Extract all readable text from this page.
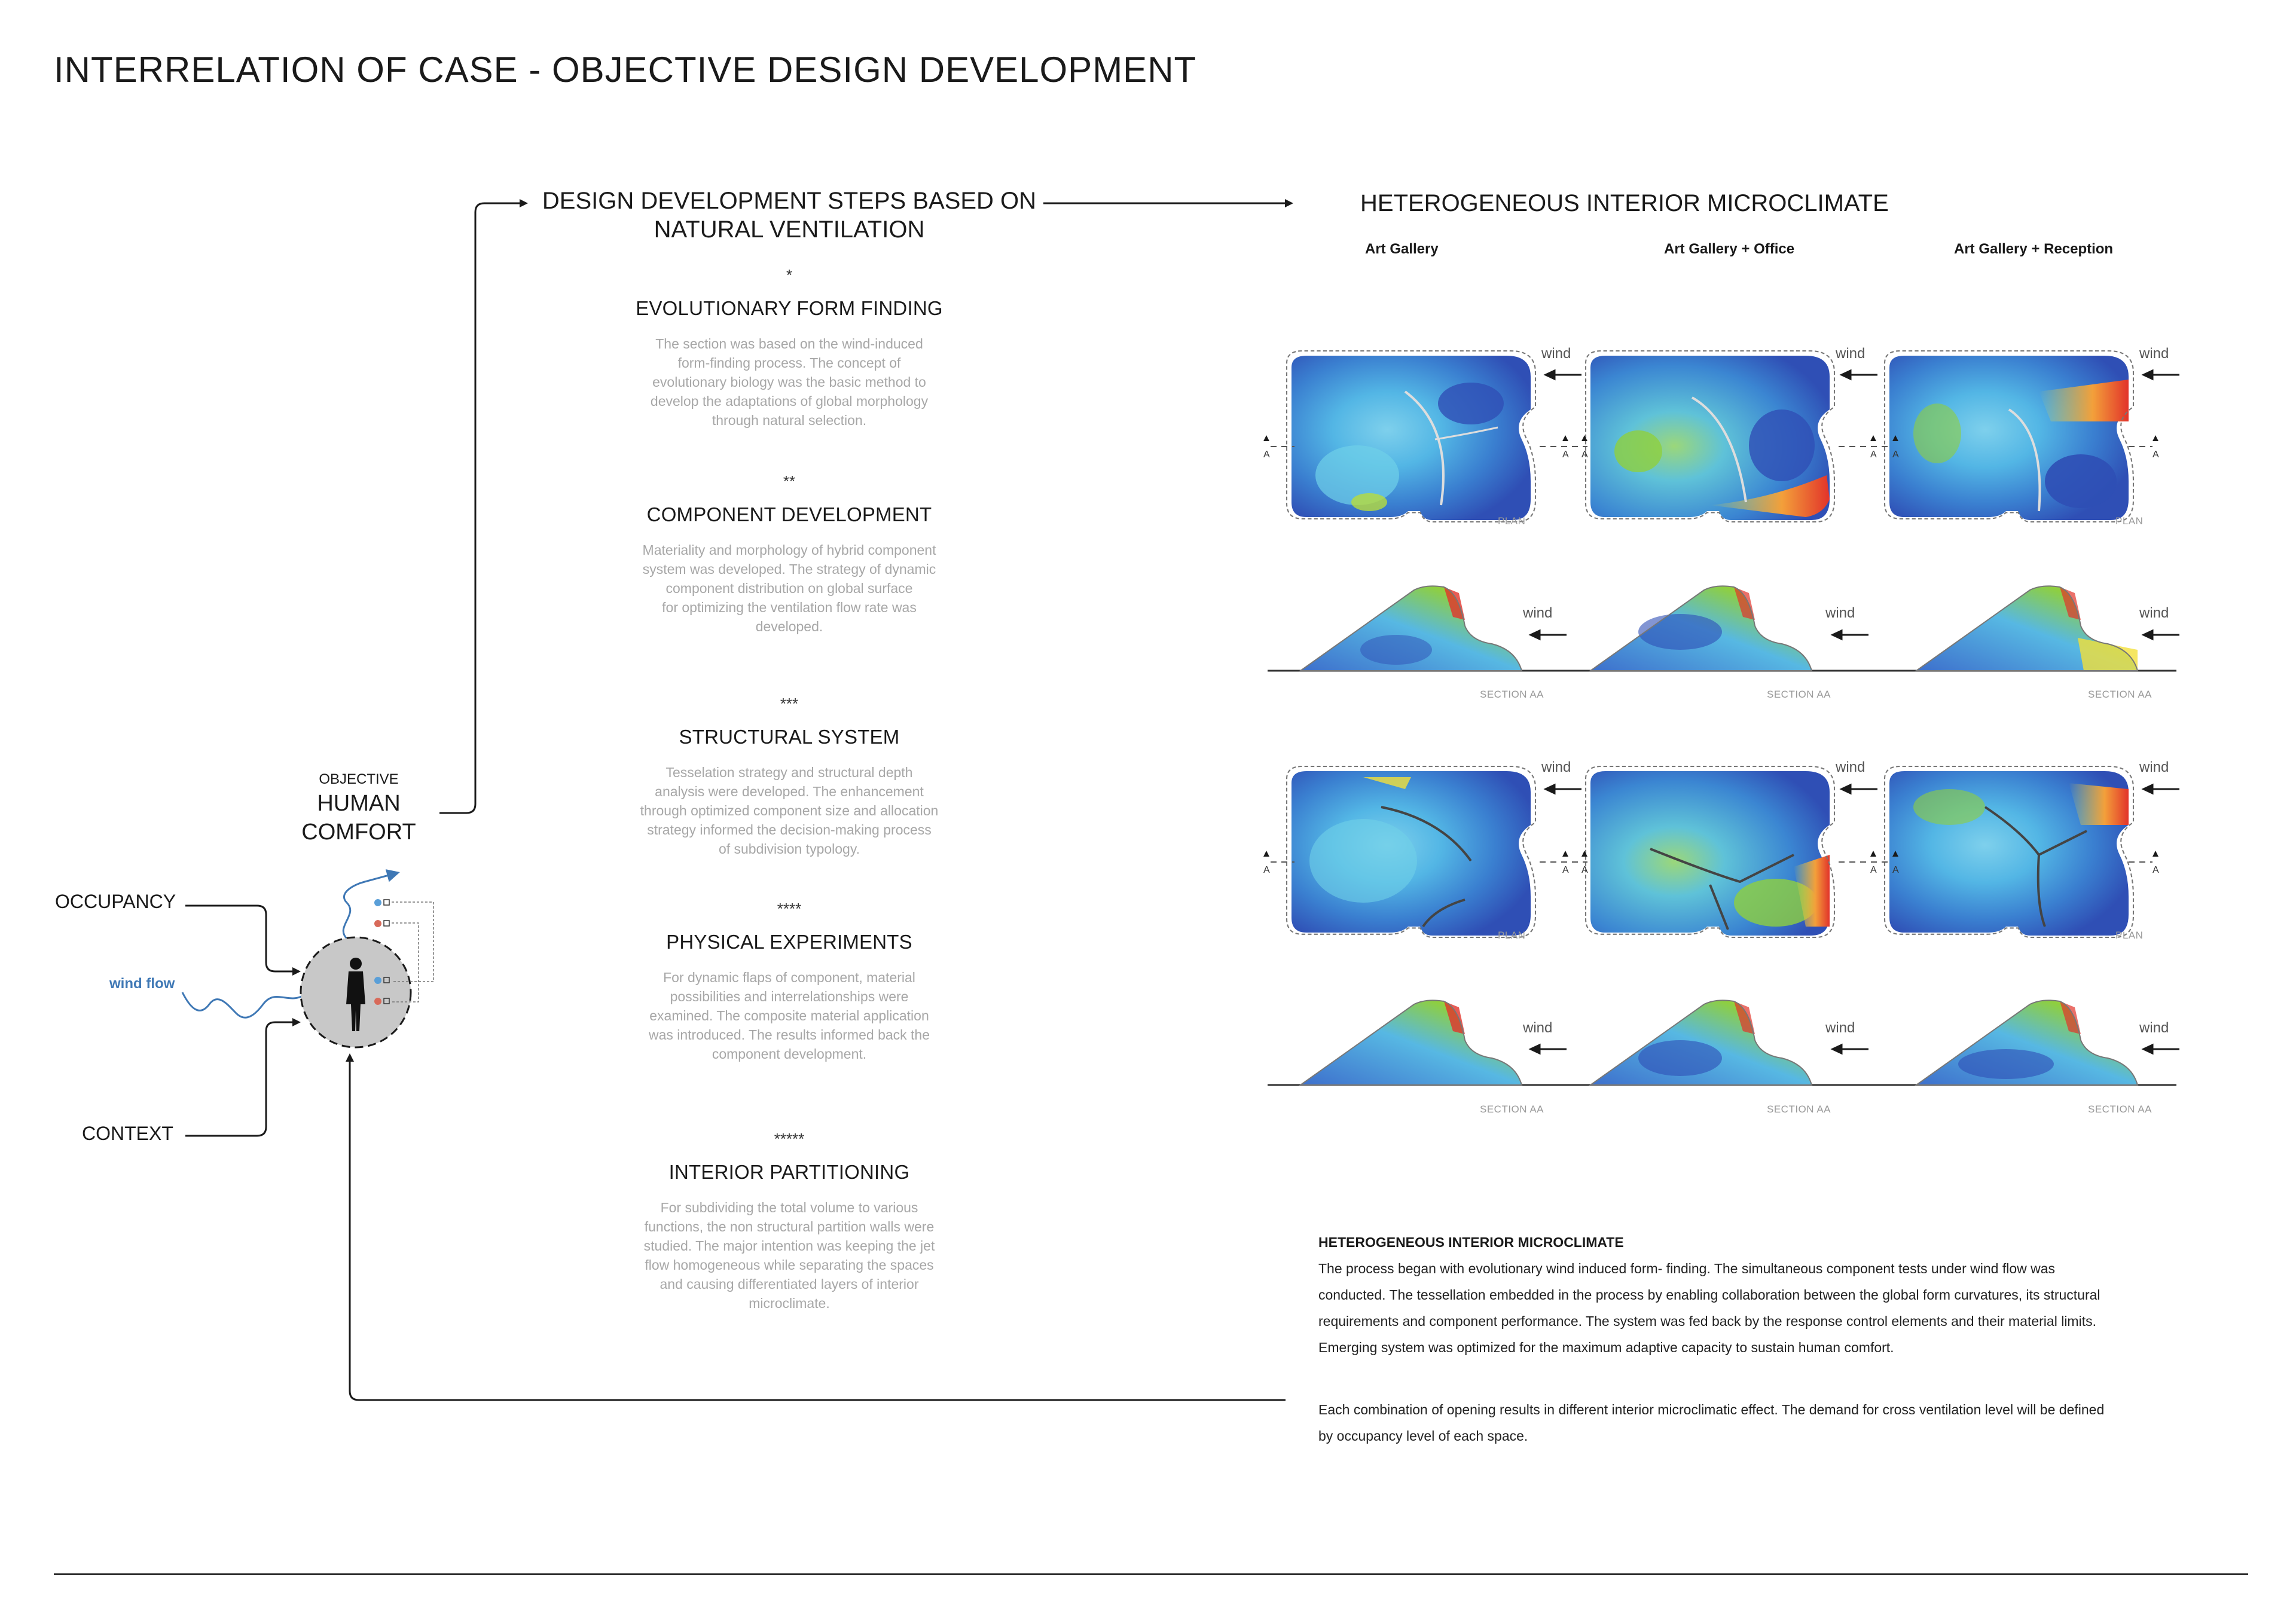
INTERRELATION OF CASE - OBJECTIVE DESIGN DEVELOPMENT
OBJECTIVE
HUMAN
COMFORT
OCCUPANCY
CONTEXT
wind flow
DESIGN DEVELOPMENT STEPS BASED ON
NATURAL VENTILATION
*
EVOLUTIONARY FORM FINDING
The section was based on the wind-induced
form-finding process. The concept of
evolutionary biology was the basic method to
develop the adaptations of global morphology
through natural selection.
**
COMPONENT DEVELOPMENT
Materiality and morphology of hybrid component
system was developed. The strategy of dynamic
component distribution on global surface
for optimizing the ventilation flow rate was
developed.
***
STRUCTURAL SYSTEM
Tesselation strategy and structural depth
analysis were developed. The enhancement
through optimized component size and allocation
strategy informed the decision-making process
of subdivision typology.
****
PHYSICAL EXPERIMENTS
For dynamic flaps of component, material
possibilities and interrelationships were
examined. The composite material application
was introduced. The results informed back the
component development.
*****
INTERIOR PARTITIONING
For subdividing the total volume to various
functions, the non structural partition walls were
studied. The major intention was keeping the jet
flow homogeneous while separating the spaces
and causing differentiated layers of interior
microclimate.
HETEROGENEOUS INTERIOR MICROCLIMATE
Art Gallery	Art Gallery + Office	Art Gallery + Reception
wind	wind	wind
wind	wind	wind
wind	wind	wind
wind	wind	wind
A	A A	A A	A
A	A A	A A	A
PLAN	PLAN
PLAN	PLAN
SECTION AA	SECTION AA	SECTION AA
SECTION AA	SECTION AA	SECTION AA
HETEROGENEOUS INTERIOR MICROCLIMATE
The process began with evolutionary wind induced form- finding. The simultaneous component tests under wind flow was
conducted. The tessellation embedded in the process by enabling collaboration between the global form curvatures, its structural
requirements and component performance. The system was fed back by the response control elements and their material limits.
Emerging system was optimized for the maximum adaptive capacity to sustain human comfort.
Each combination of opening results in different interior microclimatic effect. The demand for cross ventilation level will be defined
by occupancy level of each space.
